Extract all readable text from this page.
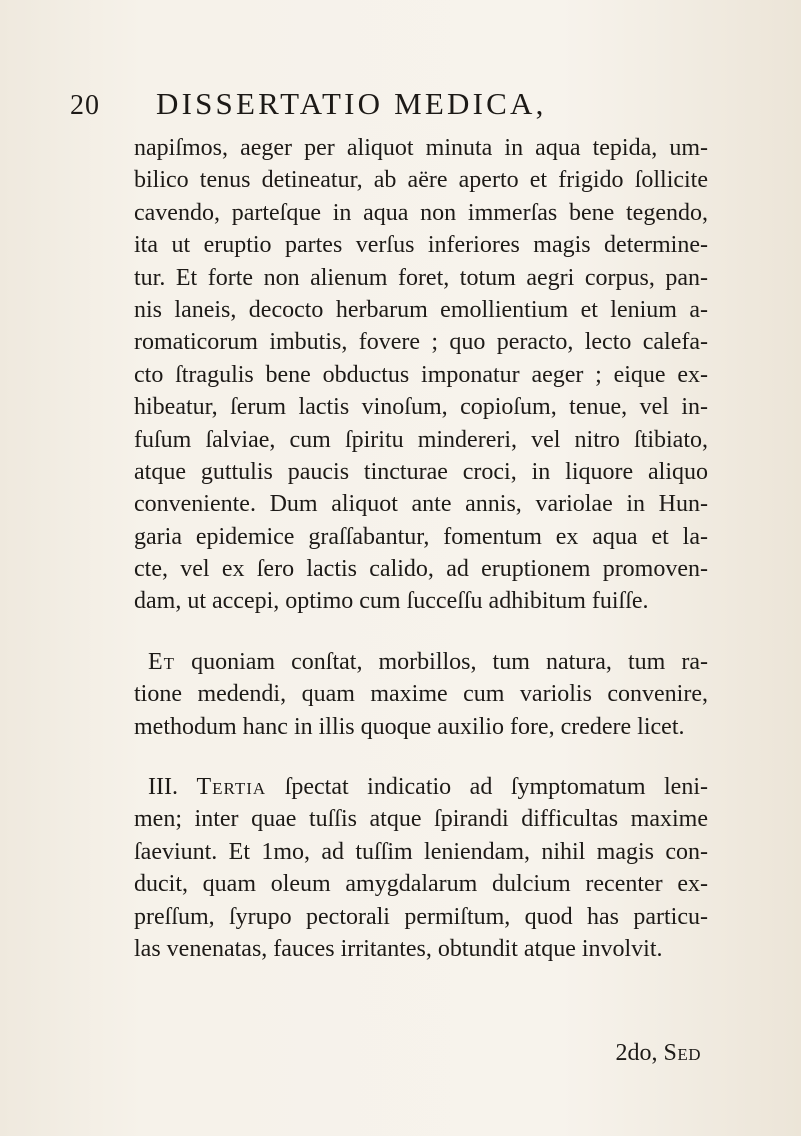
20 DISSERTATIO MEDICA,
napiſmos, aeger per aliquot minuta in aqua tepida, um-
bilico tenus detineatur, ab aëre aperto et frigido ſollicite
cavendo, parteſque in aqua non immerſas bene tegendo,
ita ut eruptio partes verſus inferiores magis determine-
tur. Et forte non alienum foret, totum aegri corpus, pan-
nis laneis, decocto herbarum emollientium et lenium a-
romaticorum imbutis, fovere ; quo peracto, lecto calefa-
cto ſtragulis bene obductus imponatur aeger ; eique ex-
hibeatur, ſerum lactis vinoſum, copioſum, tenue, vel in-
fuſum ſalviae, cum ſpiritu mindereri, vel nitro ſtibiato,
atque guttulis paucis tincturae croci, in liquore aliquo
conveniente. Dum aliquot ante annis, variolae in Hun-
garia epidemice graſſabantur, fomentum ex aqua et la-
cte, vel ex ſero lactis calido, ad eruptionem promoven-
dam, ut accepi, optimo cum ſucceſſu adhibitum fuiſſe.
Et quoniam conſtat, morbillos, tum natura, tum ra-
tione medendi, quam maxime cum variolis convenire,
methodum hanc in illis quoque auxilio fore, credere licet.
III. Tertia ſpectat indicatio ad ſymptomatum leni-
men; inter quae tuſſis atque ſpirandi difficultas maxime
ſaeviunt. Et 1mo, ad tuſſim leniendam, nihil magis con-
ducit, quam oleum amygdalarum dulcium recenter ex-
preſſum, ſyrupo pectorali permiſtum, quod has particu-
las venenatas, fauces irritantes, obtundit atque involvit.
2do, Sed
